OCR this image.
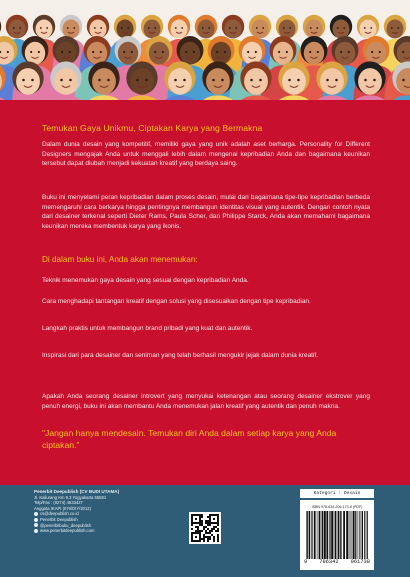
Temukan Gaya Unikmu, Ciptakan Karya yang Bermakna
Dalam dunia desain yang kompetitif, memiliki gaya yang unik adalah aset berharga. Personality for Different Designers mengajak Anda untuk menggali lebih dalam mengenai kepribadian Anda dan bagaimana keunikan tersebut dapat diubah menjadi kekuatan kreatif yang berdaya saing.
Buku ini menyelami peran kepribadian dalam proses desain, mulai dari bagaimana tipe-tipe kepribadian berbeda memengaruhi cara berkarya hingga pentingnya membangun identitas visual yang autentik. Dengan contoh nyata dari desainer terkenal seperti Dieter Rams, Paula Scher, dan Philippe Starck, Anda akan memahami bagaimana keunikan mereka membentuk karya yang ikonis.
Di dalam buku ini, Anda akan menemukan:
Teknik menemukan gaya desain yang sesuai dengan kepribadian Anda.
Cara menghadapi tantangan kreatif dengan solusi yang disesuaikan dengan tipe kepribadian.
Langkah praktis untuk membangun brand pribadi yang kuat dan autentik.
Inspirasi dari para desainer dan seniman yang telah berhasil mengukir jejak dalam dunia kreatif.
Apakah Anda seorang desainer introvert yang menyukai ketenangan atau seorang desainer ekstrover yang penuh energi, buku ini akan membantu Anda menemukan jalan kreatif yang autentik dan penuh makna.
"Jangan hanya mendesain. Temukan diri Anda dalam setiap karya yang Anda ciptakan."
Penerbit Deepublish (CV BUDI UTAMA)
Jl. Kaliurang Km 9,3 Yogyakarta 55581
Telp/Fax : (0274) 4533427
Anggota IKAPI (076/DIY/2012)
cs@deepublish.co.id
Penerbit Deepublish
@penerbitbuku_deepublish
www.penerbitdeepublish.com
Kategori : Desain
ISBN 978-634-206-173-8 (PDF)
9 786342 061738
